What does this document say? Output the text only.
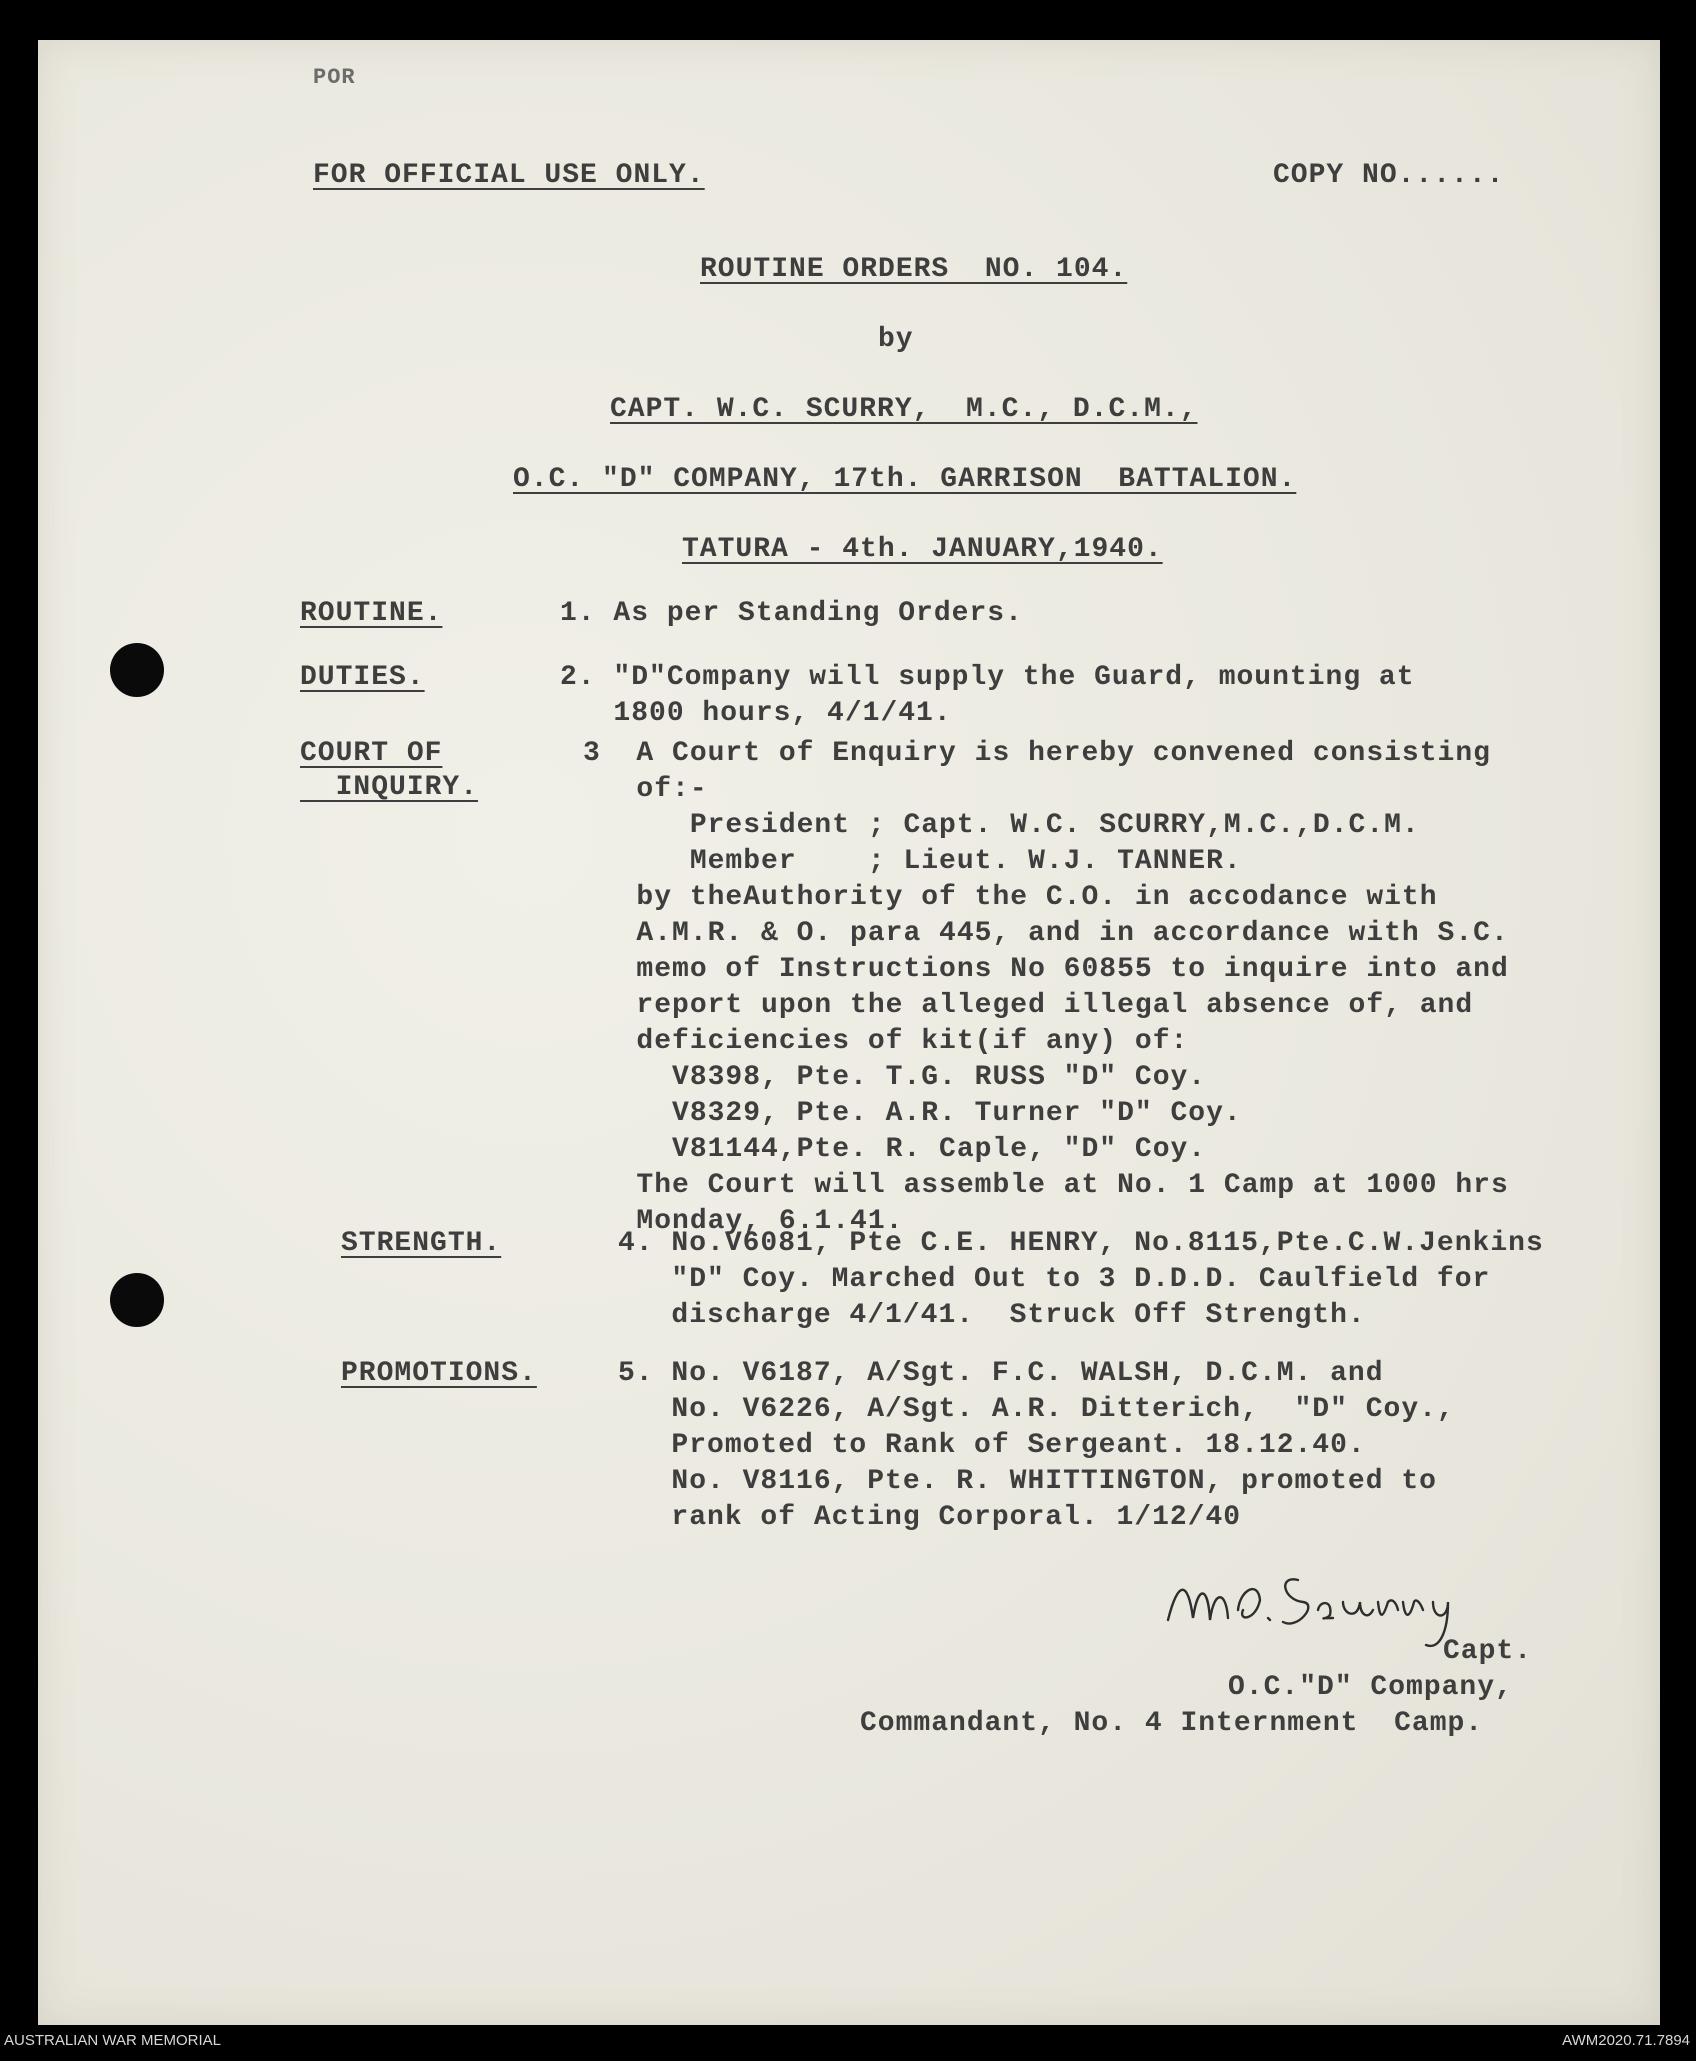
POR
FOR OFFICIAL USE ONLY.	COPY NO......
ROUTINE ORDERS  NO. 104.
by
CAPT. W.C. SCURRY,  M.C., D.C.M.,
O.C. "D" COMPANY, 17th. GARRISON  BATTALION.
TATURA - 4th. JANUARY,1940.
ROUTINE.	1. As per Standing Orders.
DUTIES.	2. "D"Company will supply the Guard, mounting at
1800 hours, 4/1/41.
COURT OF
INQUIRY.
3  A Court of Enquiry is hereby convened consisting
of:-
President ; Capt. W.C. SCURRY,M.C.,D.C.M.
Member    ; Lieut. W.J. TANNER.
by theAuthority of the C.O. in accodance with
A.M.R. & O. para 445, and in accordance with S.C.
memo of Instructions No 60855 to inquire into and
report upon the alleged illegal absence of, and
deficiencies of kit(if any) of:
V8398, Pte. T.G. RUSS "D" Coy.
V8329, Pte. A.R. Turner "D" Coy.
V81144,Pte. R. Caple, "D" Coy.
The Court will assemble at No. 1 Camp at 1000 hrs
Monday, 6.1.41.
STRENGTH.	4. No.V6081, Pte C.E. HENRY, No.8115,Pte.C.W.Jenkins
"D" Coy. Marched Out to 3 D.D.D. Caulfield for
discharge 4/1/41.  Struck Off Strength.
PROMOTIONS.	5. No. V6187, A/Sgt. F.C. WALSH, D.C.M. and
No. V6226, A/Sgt. A.R. Ditterich,  "D" Coy.,
Promoted to Rank of Sergeant. 18.12.40.
No. V8116, Pte. R. WHITTINGTON, promoted to
rank of Acting Corporal. 1/12/40
Capt.
O.C."D" Company,
Commandant, No. 4 Internment  Camp.
AUSTRALIAN WAR MEMORIAL	AWM2020.71.7894
